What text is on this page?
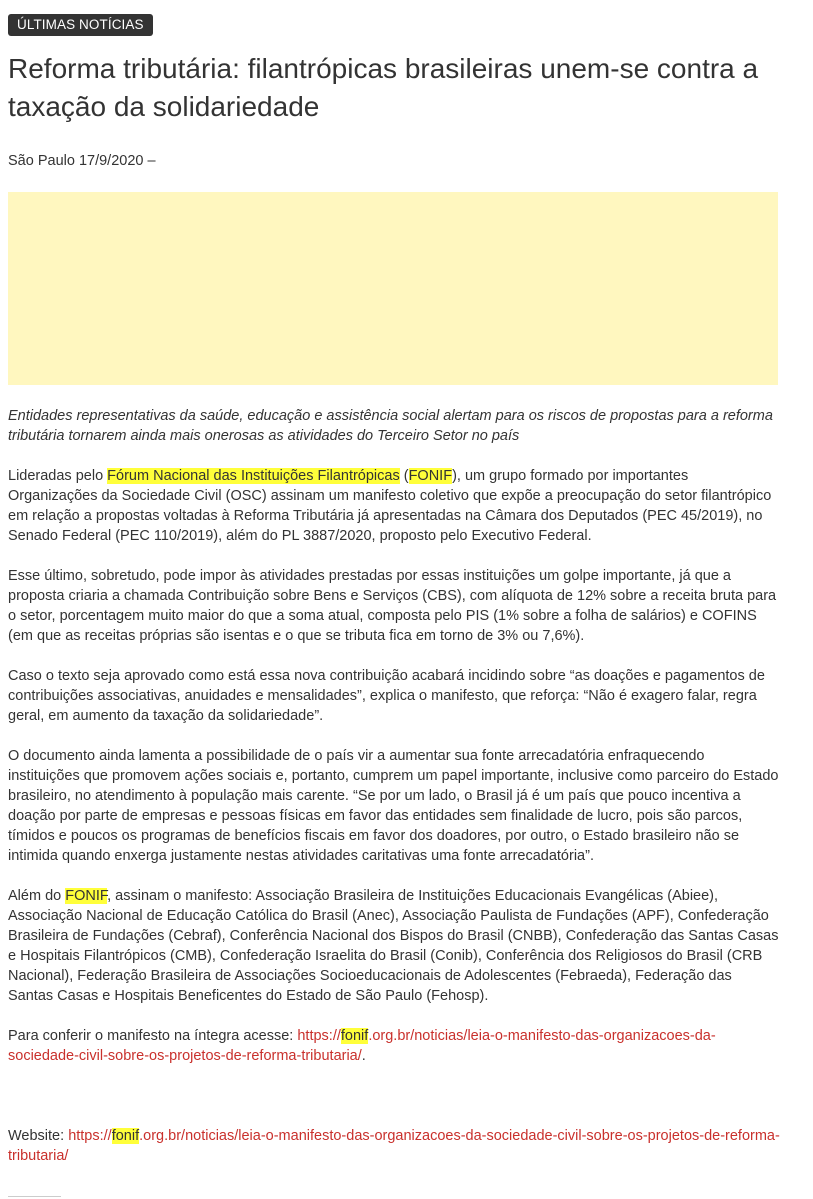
ÚLTIMAS NOTÍCIAS
Reforma tributária: filantrópicas brasileiras unem-se contra a taxação da solidariedade
São Paulo 17/9/2020 –

Entidades representativas da saúde, educação e assistência social alertam para os riscos de propostas para a reforma tributária tornarem ainda mais onerosas as atividades do Terceiro Setor no país

Lideradas pelo Fórum Nacional das Instituições Filantrópicas (FONIF), um grupo formado por importantes Organizações da Sociedade Civil (OSC) assinam um manifesto coletivo que expõe a preocupação do setor filantrópico em relação a propostas voltadas à Reforma Tributária já apresentadas na Câmara dos Deputados (PEC 45/2019), no Senado Federal (PEC 110/2019), além do PL 3887/2020, proposto pelo Executivo Federal.

Esse último, sobretudo, pode impor às atividades prestadas por essas instituições um golpe importante, já que a proposta criaria a chamada Contribuição sobre Bens e Serviços (CBS), com alíquota de 12% sobre a receita bruta para o setor, porcentagem muito maior do que a soma atual, composta pelo PIS (1% sobre a folha de salários) e COFINS (em que as receitas próprias são isentas e o que se tributa fica em torno de 3% ou 7,6%).

Caso o texto seja aprovado como está essa nova contribuição acabará incidindo sobre “as doações e pagamentos de contribuições associativas, anuidades e mensalidades”, explica o manifesto, que reforça: “Não é exagero falar, regra geral, em aumento da taxação da solidariedade”.

O documento ainda lamenta a possibilidade de o país vir a aumentar sua fonte arrecadatória enfraquecendo instituições que promovem ações sociais e, portanto, cumprem um papel importante, inclusive como parceiro do Estado brasileiro, no atendimento à população mais carente. “Se por um lado, o Brasil já é um país que pouco incentiva a doação por parte de empresas e pessoas físicas em favor das entidades sem finalidade de lucro, pois são parcos, tímidos e poucos os programas de benefícios fiscais em favor dos doadores, por outro, o Estado brasileiro não se intimida quando enxerga justamente nestas atividades caritativas uma fonte arrecadatória”.

Além do FONIF, assinam o manifesto: Associação Brasileira de Instituições Educacionais Evangélicas (Abiee), Associação Nacional de Educação Católica do Brasil (Anec), Associação Paulista de Fundações (APF), Confederação Brasileira de Fundações (Cebraf), Conferência Nacional dos Bispos do Brasil (CNBB), Confederação das Santas Casas e Hospitais Filantrópicos (CMB), Confederação Israelita do Brasil (Conib), Conferência dos Religiosos do Brasil (CRB Nacional), Federação Brasileira de Associações Socioeducacionais de Adolescentes (Febraeda), Federação das Santas Casas e Hospitais Beneficentes do Estado de São Paulo (Fehosp).

Para conferir o manifesto na íntegra acesse: https://fonif.org.br/noticias/leia-o-manifesto-das-organizacoes-da-sociedade-civil-sobre-os-projetos-de-reforma-tributaria/.

Website: https://fonif.org.br/noticias/leia-o-manifesto-das-organizacoes-da-sociedade-civil-sobre-os-projetos-de-reforma-tributaria/
